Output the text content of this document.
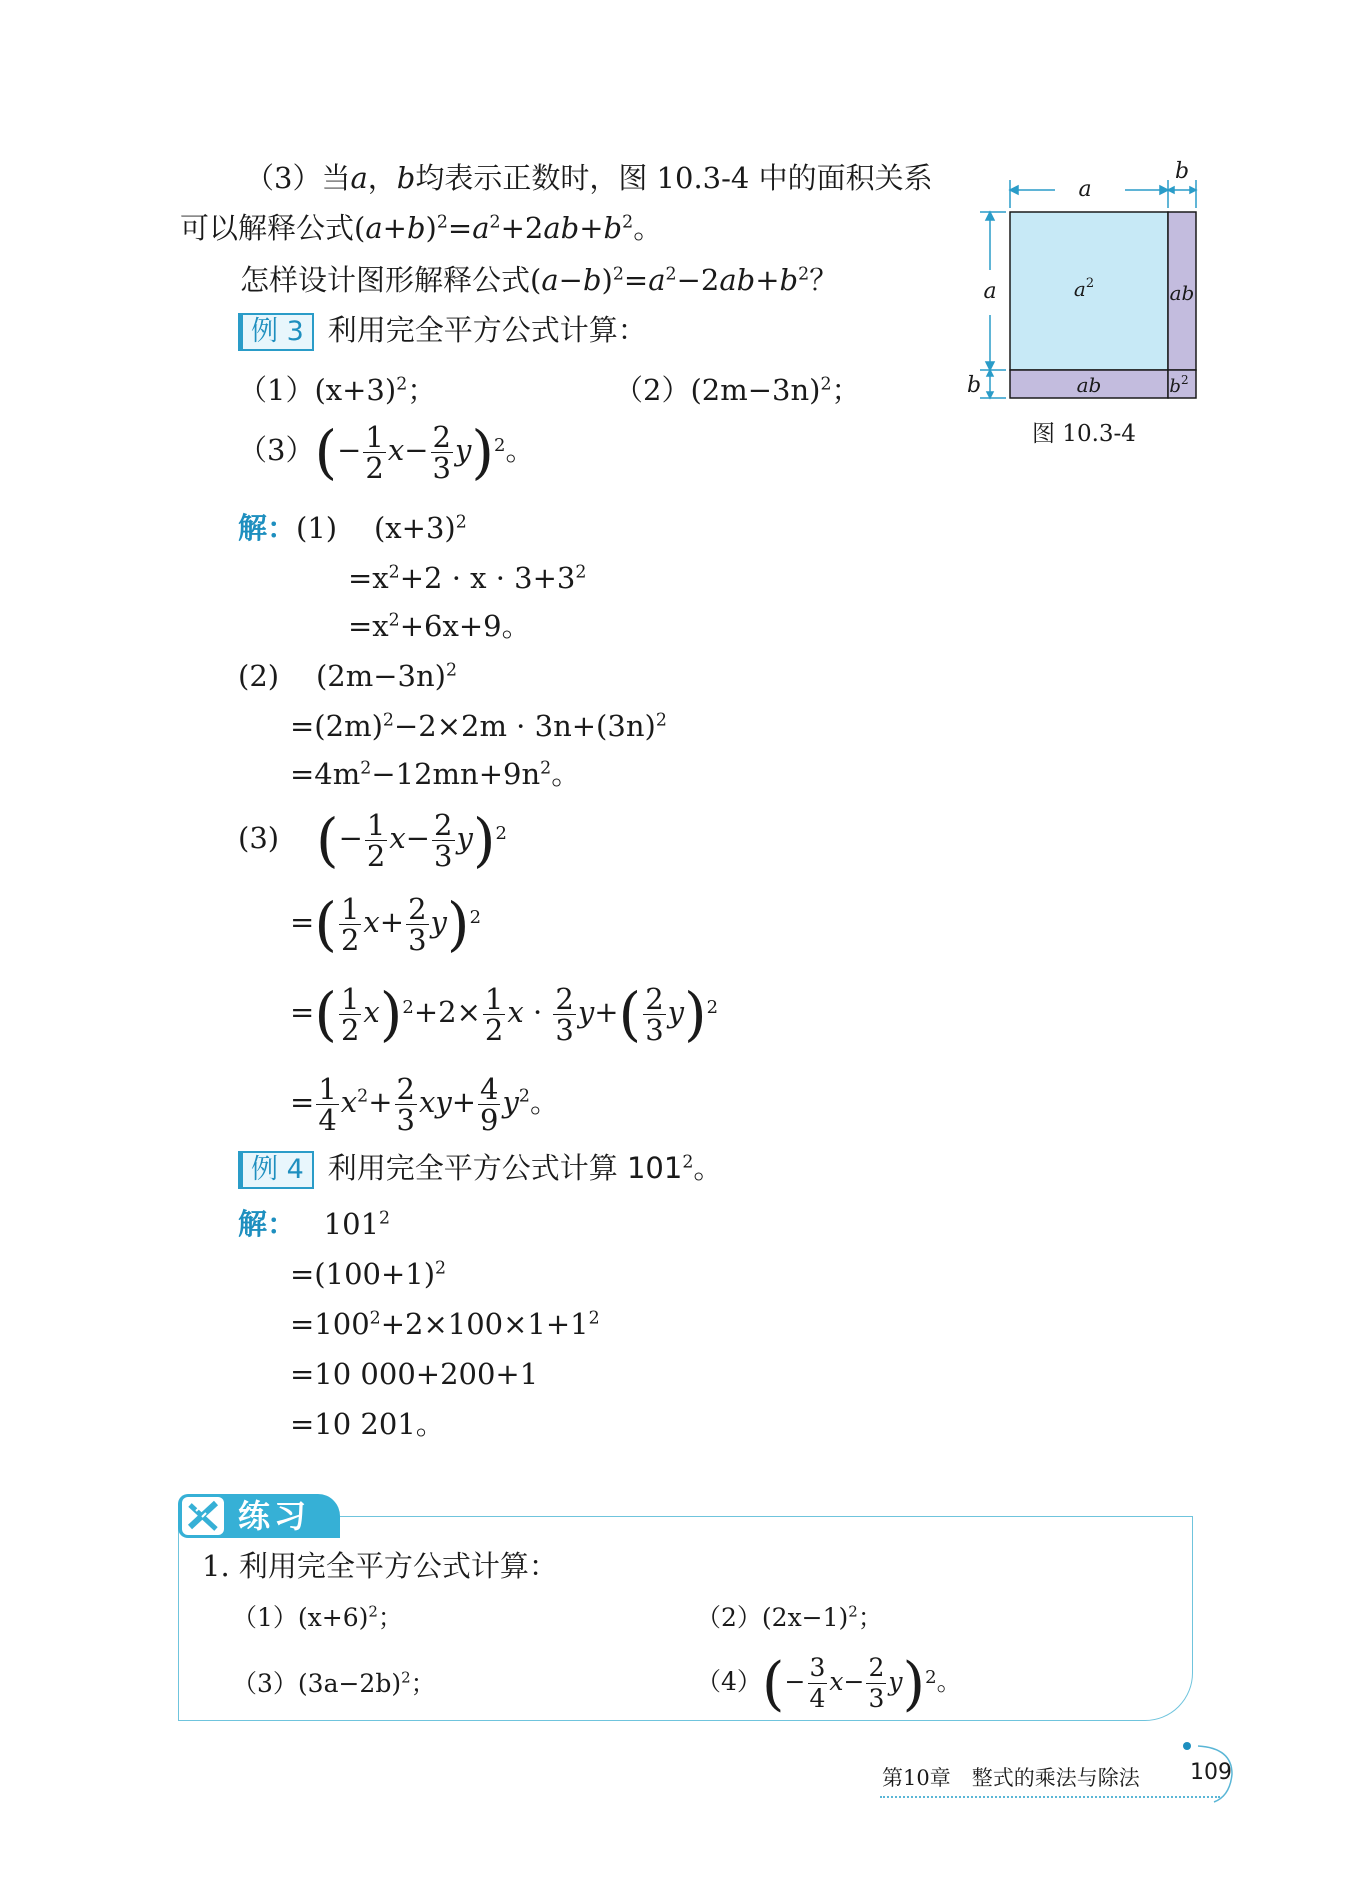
（3）当a，b均表示正数时，图 10.3-4 中的面积关系
可以解释公式$(a+b)^2=a^2+2ab+b^2$。
怎样设计图形解释公式$(a-b)^2=a^2-2ab+b^2$？
a
b
a
b
$a^2$	ab
ab	$b^2$
图 10.3-4
例 3 利用完全平方公式计算：
$(1)(x+3)^2$；	$(2)(2m-3n)^2$；
$(3)(- \frac{1}{2} x- \frac{2}{3} y)^2$。
解：(1) $(x+3)^2$
$=x^2+2 \cdot x \cdot 3+3^2$
$=x^2+6x+9$。
(2) $(2m-3n)^2$
$=(2m)^2-2\times 2m \cdot 3n+(3n)^2$
$=4m^2-12mn+9n^2$。
(3) (− $\frac{1}{2} x- \frac{2}{3} y)^2$
=( $\frac{1}{2} x+ \frac{2}{3} y)^2$
=( $\frac{1}{2} x)^2+2\times \frac{1}{2}$ $x \cdot \frac{2}{3} y+( \frac{2}{3} y)^2$
= $\frac{1}{4} x^2+ \frac{2}{3} xy+ \frac{4}{9} y^2$。
例 4 利用完全平方公式计算 $101^2$。
解： $101^2$
$=(100+1)^2$
$=100^2+2\times 100\times 1+1^2$
=10 000+200+1
=10 201。
练习
1. 利用完全平方公式计算：
$(1)(x+6)^2$；	$(2)(2x-1)^2$；
$(3)(3a-2b)^2$；	$(4)(- \frac{3}{4} x- \frac{2}{3} y)^2$。
第10章　整式的乘法与除法 109
